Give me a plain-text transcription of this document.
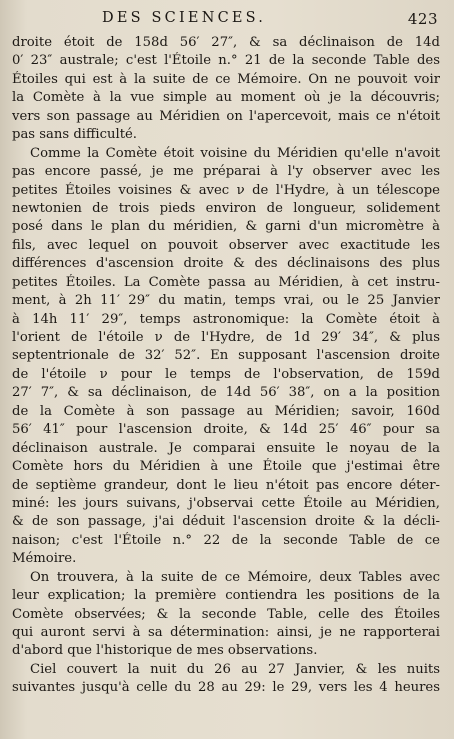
DES SCIENCES.	423
droite étoit de 158d 56′ 27″, & sa déclinaison de 14d
0′ 23″ australe; c'est l'Étoile n.° 21 de la seconde Table des
Étoiles qui est à la suite de ce Mémoire. On ne pouvoit voir
la Comète à la vue simple au moment où je la découvris;
vers son passage au Méridien on l'apercevoit, mais ce n'étoit
pas sans difficulté.
Comme la Comète étoit voisine du Méridien qu'elle n'avoit
pas encore passé, je me préparai à l'y observer avec les
petites Étoiles voisines & avec ν de l'Hydre, à un télescope
newtonien de trois pieds environ de longueur, solidement
posé dans le plan du méridien, & garni d'un micromètre à
fils, avec lequel on pouvoit observer avec exactitude les
différences d'ascension droite & des déclinaisons des plus
petites Étoiles. La Comète passa au Méridien, à cet instru-
ment, à 2h 11′ 29″ du matin, temps vrai, ou le 25 Janvier
à 14h 11′ 29″, temps astronomique: la Comète étoit à
l'orient de l'étoile ν de l'Hydre, de 1d 29′ 34″, & plus
septentrionale de 32′ 52″. En supposant l'ascension droite
de l'étoile ν pour le temps de l'observation, de 159d
27′ 7″, & sa déclinaison, de 14d 56′ 38″, on a la position
de la Comète à son passage au Méridien; savoir, 160d
56′ 41″ pour l'ascension droite, & 14d 25′ 46″ pour sa
déclinaison australe. Je comparai ensuite le noyau de la
Comète hors du Méridien à une Étoile que j'estimai être
de septième grandeur, dont le lieu n'étoit pas encore déter-
miné: les jours suivans, j'observai cette Étoile au Méridien,
& de son passage, j'ai déduit l'ascension droite & la décli-
naison; c'est l'Étoile n.° 22 de la seconde Table de ce
Mémoire.
On trouvera, à la suite de ce Mémoire, deux Tables avec
leur explication; la première contiendra les positions de la
Comète observées; & la seconde Table, celle des Étoiles
qui auront servi à sa détermination: ainsi, je ne rapporterai
d'abord que l'historique de mes observations.
Ciel couvert la nuit du 26 au 27 Janvier, & les nuits
suivantes jusqu'à celle du 28 au 29: le 29, vers les 4 heures
